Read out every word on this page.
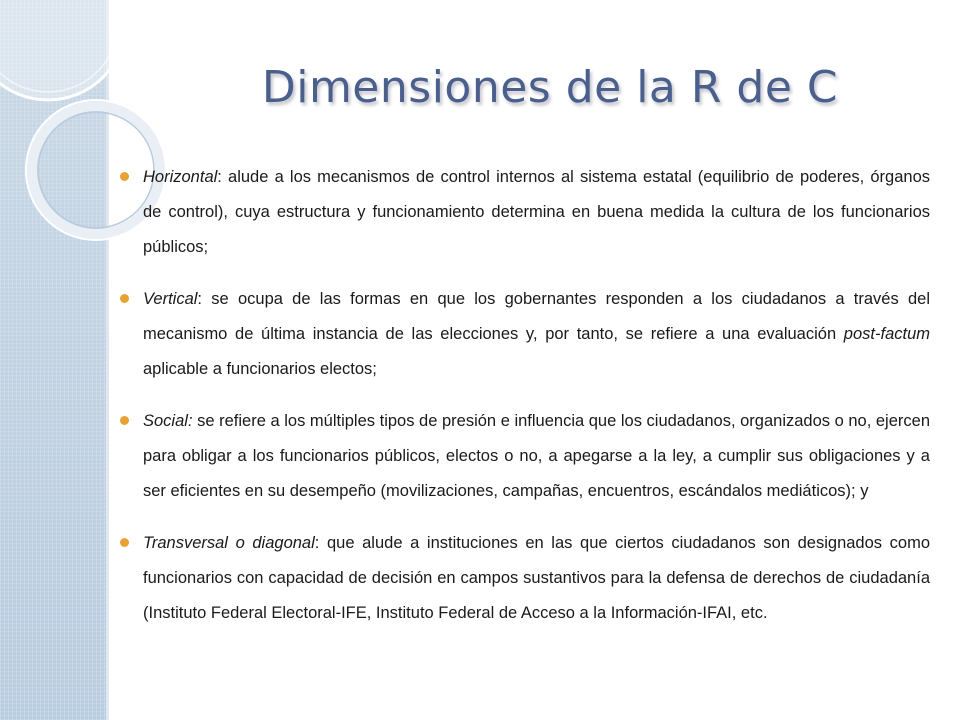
Dimensiones de la R de C
Horizontal: alude a los mecanismos de control internos al sistema estatal (equilibrio de poderes, órganos de control), cuya estructura y funcionamiento determina en buena medida la cultura de los funcionarios públicos;
Vertical: se ocupa de las formas en que los gobernantes responden a los ciudadanos a través del mecanismo de última instancia de las elecciones y, por tanto, se refiere a una evaluación post-factum aplicable a funcionarios electos;
Social: se refiere a los múltiples tipos de presión e influencia que los ciudadanos, organizados o no, ejercen para obligar a los funcionarios públicos, electos o no, a apegarse a la ley, a cumplir sus obligaciones y a ser eficientes en su desempeño (movilizaciones, campañas, encuentros, escándalos mediáticos); y
Transversal o diagonal: que alude a instituciones en las que ciertos ciudadanos son designados como funcionarios con capacidad de decisión en campos sustantivos para la defensa de derechos de ciudadanía (Instituto Federal Electoral-IFE, Instituto Federal de Acceso a la Información-IFAI, etc.
